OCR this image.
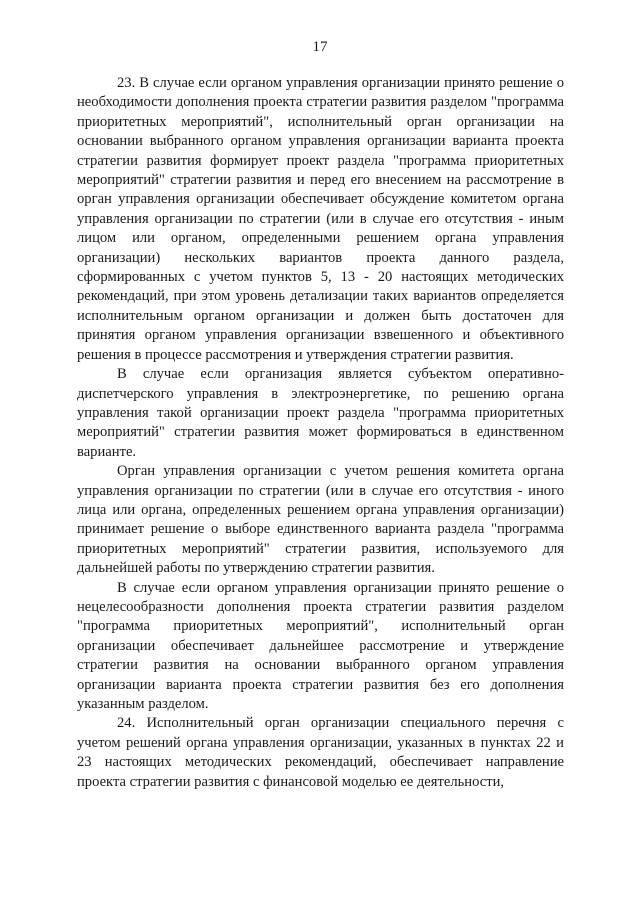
17

23. В случае если органом управления организации принято решение о необходимости дополнения проекта стратегии развития разделом "программа приоритетных мероприятий", исполнительный орган организации на основании выбранного органом управления организации варианта проекта стратегии развития формирует проект раздела "программа приоритетных мероприятий" стратегии развития и перед его внесением на рассмотрение в орган управления организации обеспечивает обсуждение комитетом органа управления организации по стратегии (или в случае его отсутствия - иным лицом или органом, определенными решением органа управления организации) нескольких вариантов проекта данного раздела, сформированных с учетом пунктов 5, 13 - 20 настоящих методических рекомендаций, при этом уровень детализации таких вариантов определяется исполнительным органом организации и должен быть достаточен для принятия органом управления организации взвешенного и объективного решения в процессе рассмотрения и утверждения стратегии развития.

В случае если организация является субъектом оперативно-диспетчерского управления в электроэнергетике, по решению органа управления такой организации проект раздела "программа приоритетных мероприятий" стратегии развития может формироваться в единственном варианте.

Орган управления организации с учетом решения комитета органа управления организации по стратегии (или в случае его отсутствия - иного лица или органа, определенных решением органа управления организации) принимает решение о выборе единственного варианта раздела "программа приоритетных мероприятий" стратегии развития, используемого для дальнейшей работы по утверждению стратегии развития.

В случае если органом управления организации принято решение о нецелесообразности дополнения проекта стратегии развития разделом "программа приоритетных мероприятий", исполнительный орган организации обеспечивает дальнейшее рассмотрение и утверждение стратегии развития на основании выбранного органом управления организации варианта проекта стратегии развития без его дополнения указанным разделом.

24. Исполнительный орган организации специального перечня с учетом решений органа управления организации, указанных в пунктах 22 и 23 настоящих методических рекомендаций, обеспечивает направление проекта стратегии развития с финансовой моделью ее деятельности,
